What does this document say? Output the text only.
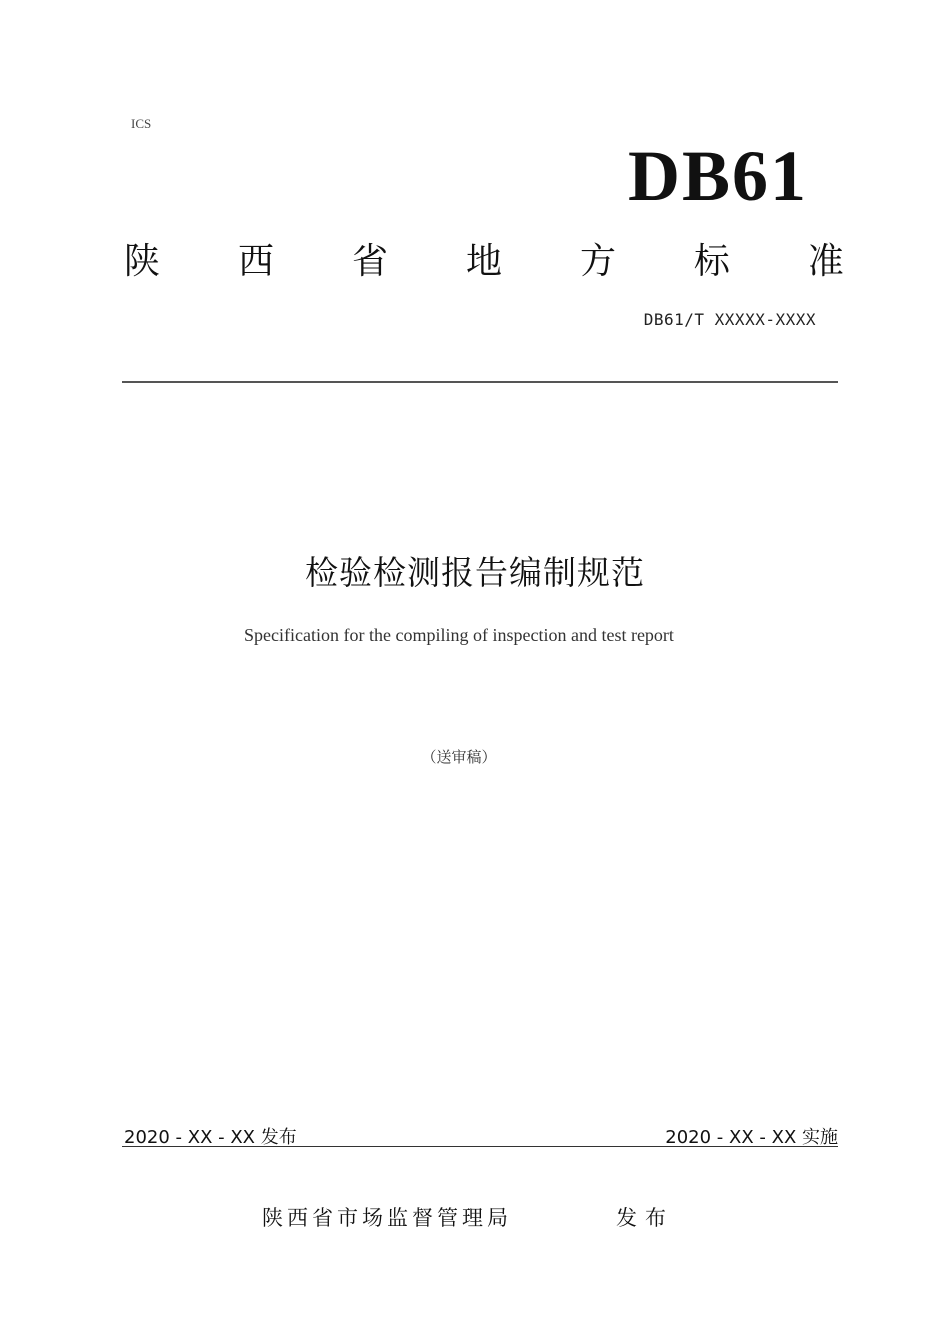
ICS
DB61
陕 西 省 地 方 标 准
DB61/T XXXXX-XXXX
检验检测报告编制规范
Specification for the compiling of inspection and test report
（送审稿）
2020 - XX - XX 发布	2020 - XX - XX 实施
陕西省市场监督管理局	发布
